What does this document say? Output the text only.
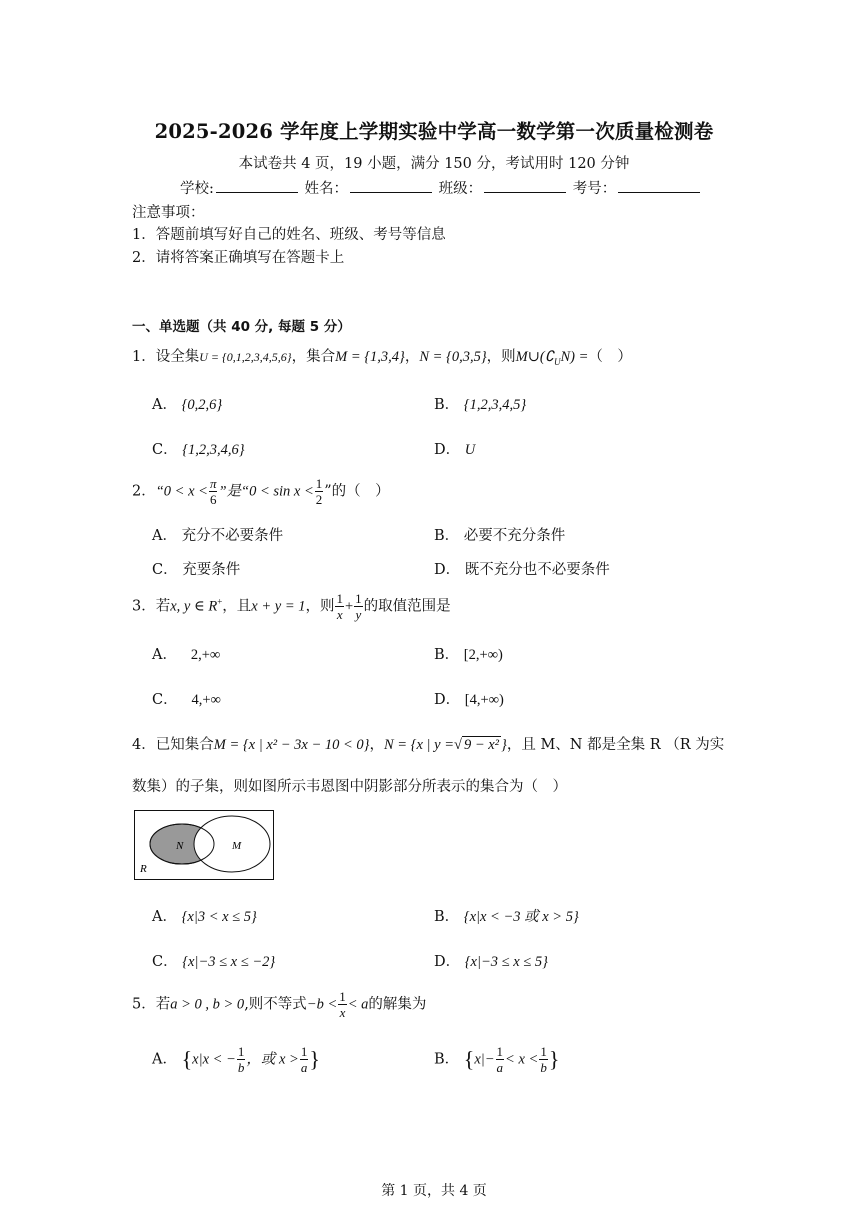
2025-2026 学年度上学期实验中学高一数学第一次质量检测卷
本试卷共 4 页，19 小题，满分 150 分，考试用时 120 分钟
学校:	姓名：	班级：	考号：
注意事项：
1．答题前填写好自己的姓名、班级、考号等信息
2．请将答案正确填写在答题卡上
一、单选题（共 40 分, 每题 5 分）
1．设全集U = {0,1,2,3,4,5,6}，集合M = {1,3,4}，N = {0,3,5}，则$M\cup(∁_UN)$ =（　）
A． {0,2,6}	B． {1,2,3,4,5}
C． {1,2,3,4,6}	D． U
2．“$0 < x < \frac{\pi}{6}$ ”是“$0 < \sin x < \frac{1}{2}$ ”的（　）
A． 充分不必要条件	B． 必要不充分条件
C． 充要条件	D． 既不充分也不必要条件
3．若x, y ∈ R+，且x + y = 1，则 $\frac{1}{x} + \frac{1}{y}$ 的取值范围是
A． 2,+∞	B． [2,+∞)
C． 4,+∞	D． [4,+∞)
4．已知集合M = {x | x² − 3x − 10 < 0}，N = {x | y =√ 9 − x² }，且 M、N 都是全集 R （R 为实
数集）的子集，则如图所示韦恩图中阴影部分所表示的集合为（　）
N	M
R
A． {x|3 < x ≤ 5}	B． {x|x < −3 或 x > 5}
C． {x|−3 ≤ x ≤ −2}	D． {x|−3 ≤ x ≤ 5}
5．若a > 0 , b > 0,则不等式$-b < \frac{1}{x} < a$的解集为
A． {x|x < − $\frac{1}{b}$ ，或 $x > \frac{1}{a}$ }	B． {$x|- \frac{1}{a} < x < \frac{1}{b}$ }
第 1 页，共 4 页
